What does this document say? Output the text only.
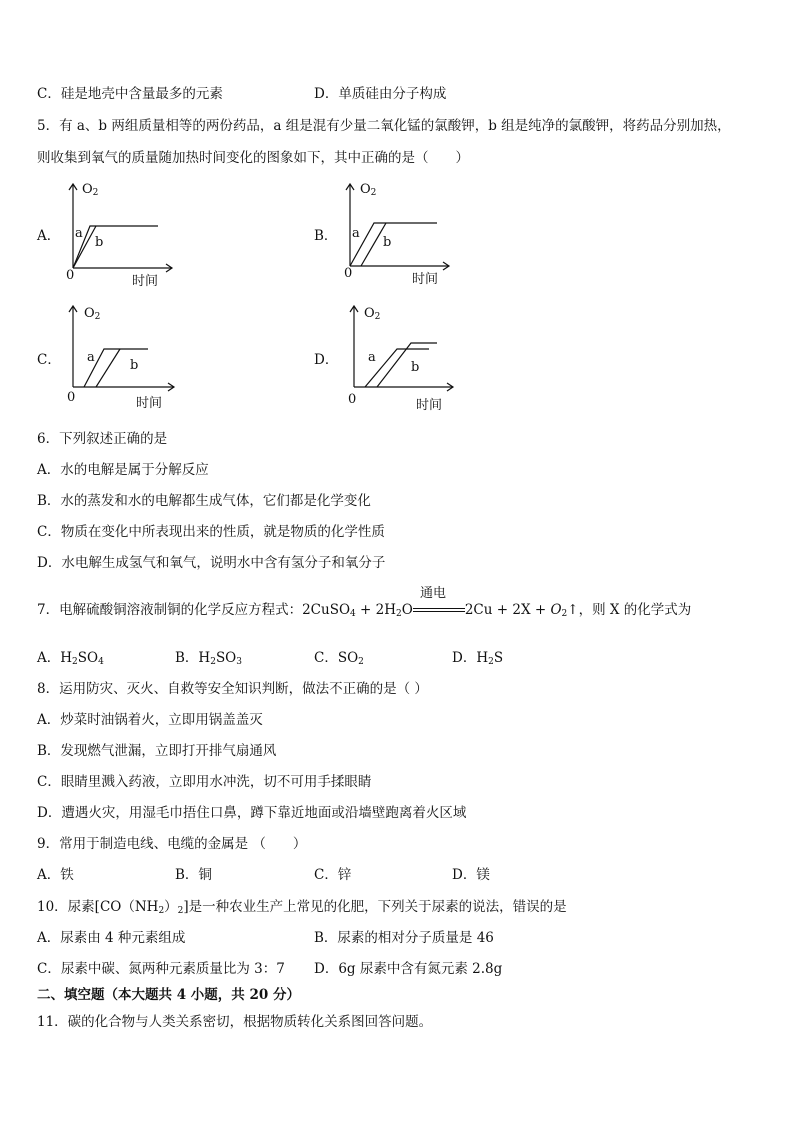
C．硅是地壳中含量最多的元素	D．单质硅由分子构成
5．有 a、b 两组质量相等的两份药品，a 组是混有少量二氧化锰的氯酸钾，b 组是纯净的氯酸钾，将药品分别加热，
则收集到氧气的质量随加热时间变化的图象如下，其中正确的是（　　）
A．
$O_2$
a
b
0	时间
B．
$O_2$
a
b
0	时间
C．
$O_2$
a
b
0	时间
D．
$O_2$
a
b
0	时间
6．下列叙述正确的是
A．水的电解是属于分解反应
B．水的蒸发和水的电解都生成气体，它们都是化学变化
C．物质在变化中所表现出来的性质，就是物质的化学性质
D．水电解生成氢气和氧气，说明水中含有氢分子和氧分子
7．电解硫酸铜溶液制铜的化学反应方程式：2CuSO$_4$ + $2H_2O$	$2Cu + 2X + O_2↑$，则 X 的化学式为
通电
A．$H_2SO_4$	B．$H_2SO_3$	C．$SO_2$	D．$H_2S$
8．运用防灾、灭火、自救等安全知识判断，做法不正确的是（ ）
A．炒菜时油锅着火，立即用锅盖盖灭
B．发现燃气泄漏，立即打开排气扇通风
C．眼睛里溅入药液，立即用水冲洗，切不可用手揉眼睛
D．遭遇火灾，用湿毛巾捂住口鼻，蹲下靠近地面或沿墙壁跑离着火区域
9．常用于制造电线、电缆的金属是 （　　）
A．铁	B．铜	C．锌	D．镁
10．尿素$[CO(NH_2)_2]$是一种农业生产上常见的化肥，下列关于尿素的说法，错误的是
A．尿素由 4 种元素组成	B．尿素的相对分子质量是 46
C．尿素中碳、氮两种元素质量比为 3：7 D．6g 尿素中含有氮元素 2.8g
二、填空题（本大题共 4 小题，共 20 分）
11．碳的化合物与人类关系密切，根据物质转化关系图回答问题。
